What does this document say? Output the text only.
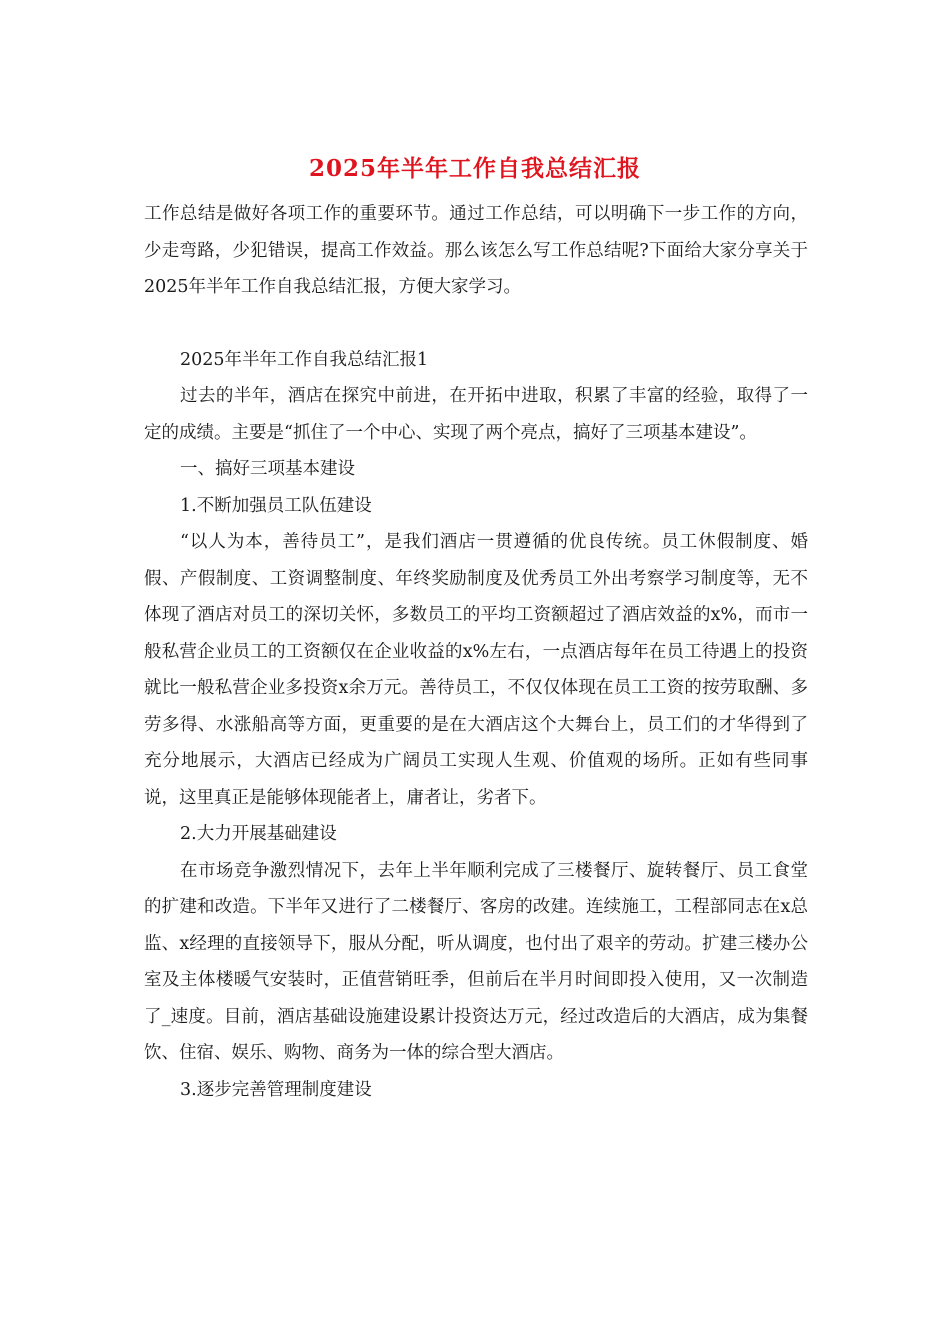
2025年半年工作自我总结汇报

工作总结是做好各项工作的重要环节。通过工作总结，可以明确下一步工作的方向，少走弯路，少犯错误，提高工作效益。那么该怎么写工作总结呢?下面给大家分享关于2025年半年工作自我总结汇报，方便大家学习。

2025年半年工作自我总结汇报1

过去的半年，酒店在探究中前进，在开拓中进取，积累了丰富的经验，取得了一定的成绩。主要是“抓住了一个中心、实现了两个亮点，搞好了三项基本建设”。

一、搞好三项基本建设

1.不断加强员工队伍建设

“以人为本，善待员工”，是我们酒店一贯遵循的优良传统。员工休假制度、婚假、产假制度、工资调整制度、年终奖励制度及优秀员工外出考察学习制度等，无不体现了酒店对员工的深切关怀，多数员工的平均工资额超过了酒店效益的x%，而市一般私营企业员工的工资额仅在企业收益的x%左右，一点酒店每年在员工待遇上的投资就比一般私营企业多投资x余万元。善待员工，不仅仅体现在员工工资的按劳取酬、多劳多得、水涨船高等方面，更重要的是在大酒店这个大舞台上，员工们的才华得到了充分地展示，大酒店已经成为广阔员工实现人生观、价值观的场所。正如有些同事说，这里真正是能够体现能者上，庸者让，劣者下。

2.大力开展基础建设

在市场竞争激烈情况下，去年上半年顺利完成了三楼餐厅、旋转餐厅、员工食堂的扩建和改造。下半年又进行了二楼餐厅、客房的改建。连续施工，工程部同志在x总监、x经理的直接领导下，服从分配，听从调度，也付出了艰辛的劳动。扩建三楼办公室及主体楼暖气安装时，正值营销旺季，但前后在半月时间即投入使用，又一次制造了_速度。目前，酒店基础设施建设累计投资达万元，经过改造后的大酒店，成为集餐饮、住宿、娱乐、购物、商务为一体的综合型大酒店。

3.逐步完善管理制度建设
